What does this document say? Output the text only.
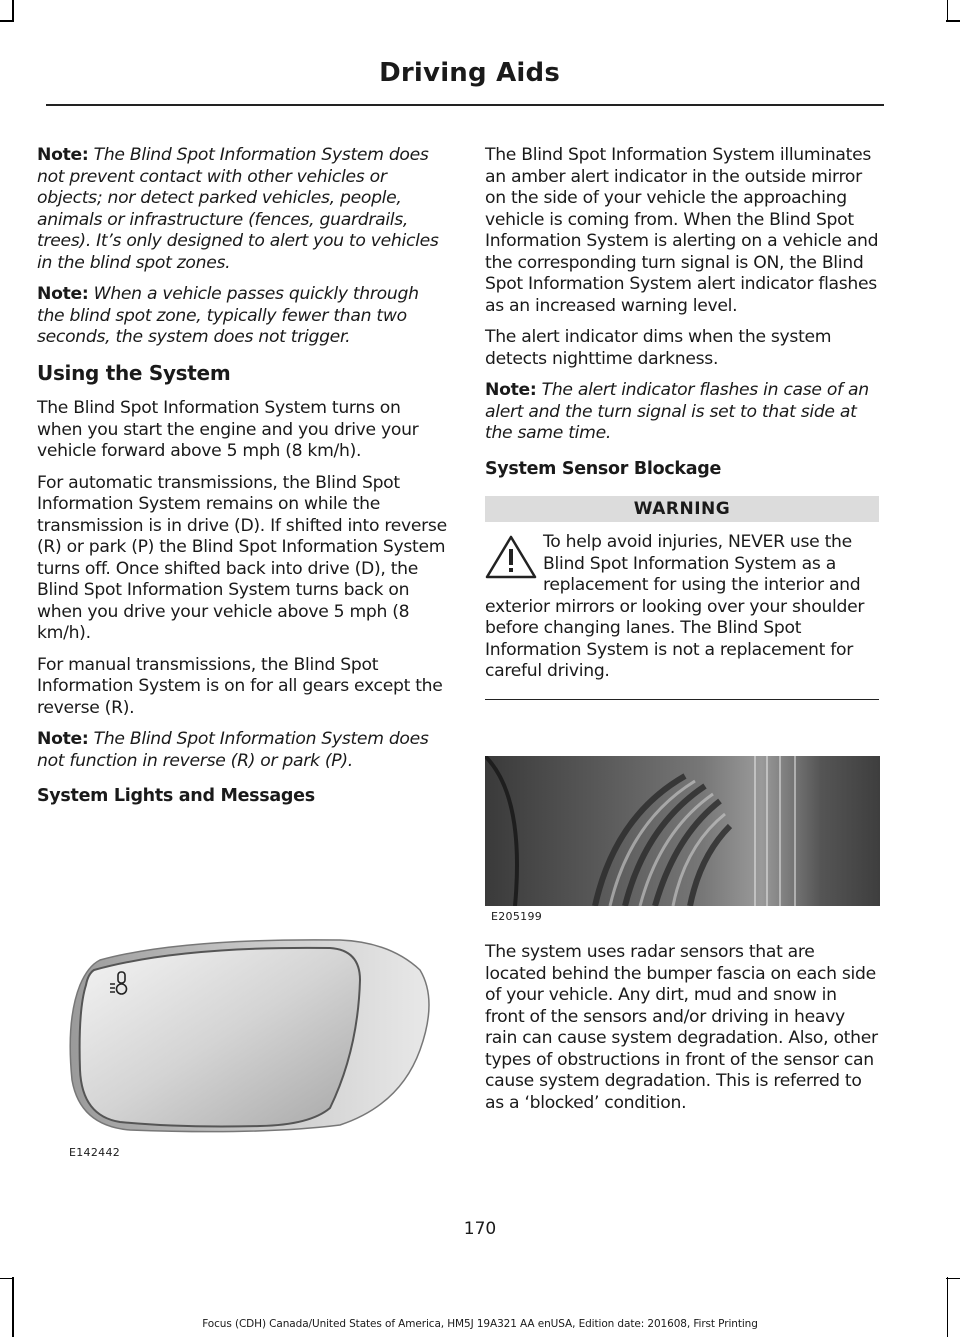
Driving Aids

Note: The Blind Spot Information System does not prevent contact with other vehicles or objects; nor detect parked vehicles, people, animals or infrastructure (fences, guardrails, trees). It’s only designed to alert you to vehicles in the blind spot zones.

Note: When a vehicle passes quickly through the blind spot zone, typically fewer than two seconds, the system does not trigger.

Using the System

The Blind Spot Information System turns on when you start the engine and you drive your vehicle forward above 5 mph (8 km/h).

For automatic transmissions, the Blind Spot Information System remains on while the transmission is in drive (D). If shifted into reverse (R) or park (P) the Blind Spot Information System turns off. Once shifted back into drive (D), the Blind Spot Information System turns back on when you drive your vehicle above 5 mph (8 km/h).

For manual transmissions, the Blind Spot Information System is on for all gears except the reverse (R).

Note: The Blind Spot Information System does not function in reverse (R) or park (P).

System Lights and Messages

E142442

The Blind Spot Information System illuminates an amber alert indicator in the outside mirror on the side of your vehicle the approaching vehicle is coming from. When the Blind Spot Information System is alerting on a vehicle and the corresponding turn signal is ON, the Blind Spot Information System alert indicator flashes as an increased warning level.

The alert indicator dims when the system detects nighttime darkness.

Note: The alert indicator flashes in case of an alert and the turn signal is set to that side at the same time.

System Sensor Blockage

WARNING
To help avoid injuries, NEVER use the Blind Spot Information System as a replacement for using the interior and exterior mirrors or looking over your shoulder before changing lanes. The Blind Spot Information System is not a replacement for careful driving.
E205199

The system uses radar sensors that are located behind the bumper fascia on each side of your vehicle. Any dirt, mud and snow in front of the sensors and/or driving in heavy rain can cause system degradation. Also, other types of obstructions in front of the sensor can cause system degradation. This is referred to as a ‘blocked’ condition.

170
Focus (CDH) Canada/United States of America, HM5J 19A321 AA enUSA, Edition date: 201608, First Printing
